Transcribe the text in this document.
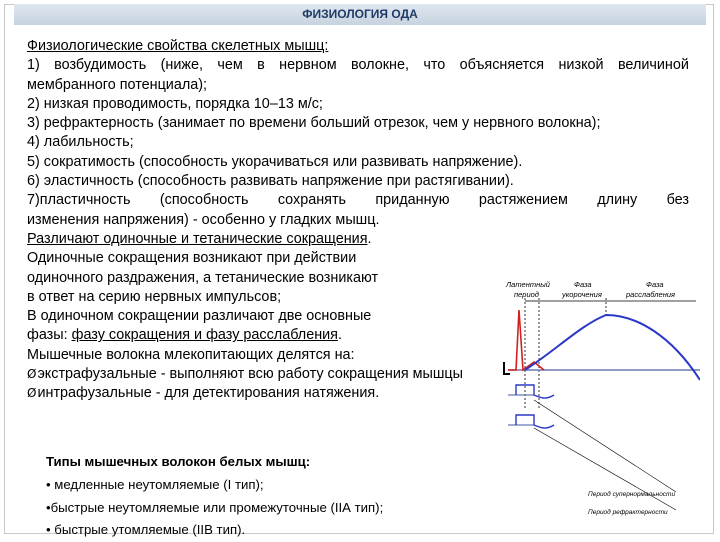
ФИЗИОЛОГИЯ ОДА
Физиологические свойства скелетных мышц:
1) возбудимость (ниже, чем в нервном волокне, что объясняется низкой величиной
мембранного потенциала);
2) низкая проводимость, порядка 10–13 м/с;
3) рефрактерность (занимает по времени больший отрезок, чем у нервного волокна);
4) лабильность;
5) сократимость (способность укорачиваться или развивать напряжение).
6) эластичность (способность развивать напряжение при растягивании).
7)пластичность (способность сохранять приданную растяжением длину без
изменения напряжения) - особенно у гладких мышц.
Различают одиночные и тетанические сокращения.
Одиночные сокращения возникают при действии
одиночного раздражения, а тетанические возникают
в ответ на серию нервных импульсов;
В одиночном сокращении различают две основные
фазы: фазу сокращения и фазу расслабления.
Мышечные волокна млекопитающих делятся на:
Øэкстрафузальные - выполняют всю работу сокращения мышцы
Øинтрафузальные - для детектирования натяжения.
Типы мышечных волокон белых мышц:
• медленные неутомляемые (I тип);
•быстрые неутомляемые или промежуточные (IIА тип);
• быстрые утомляемые (IIВ тип).
Латентный
период
Фаза
укорочения
Фаза
расслабления
Период супернормальности
Период рефрактерности
